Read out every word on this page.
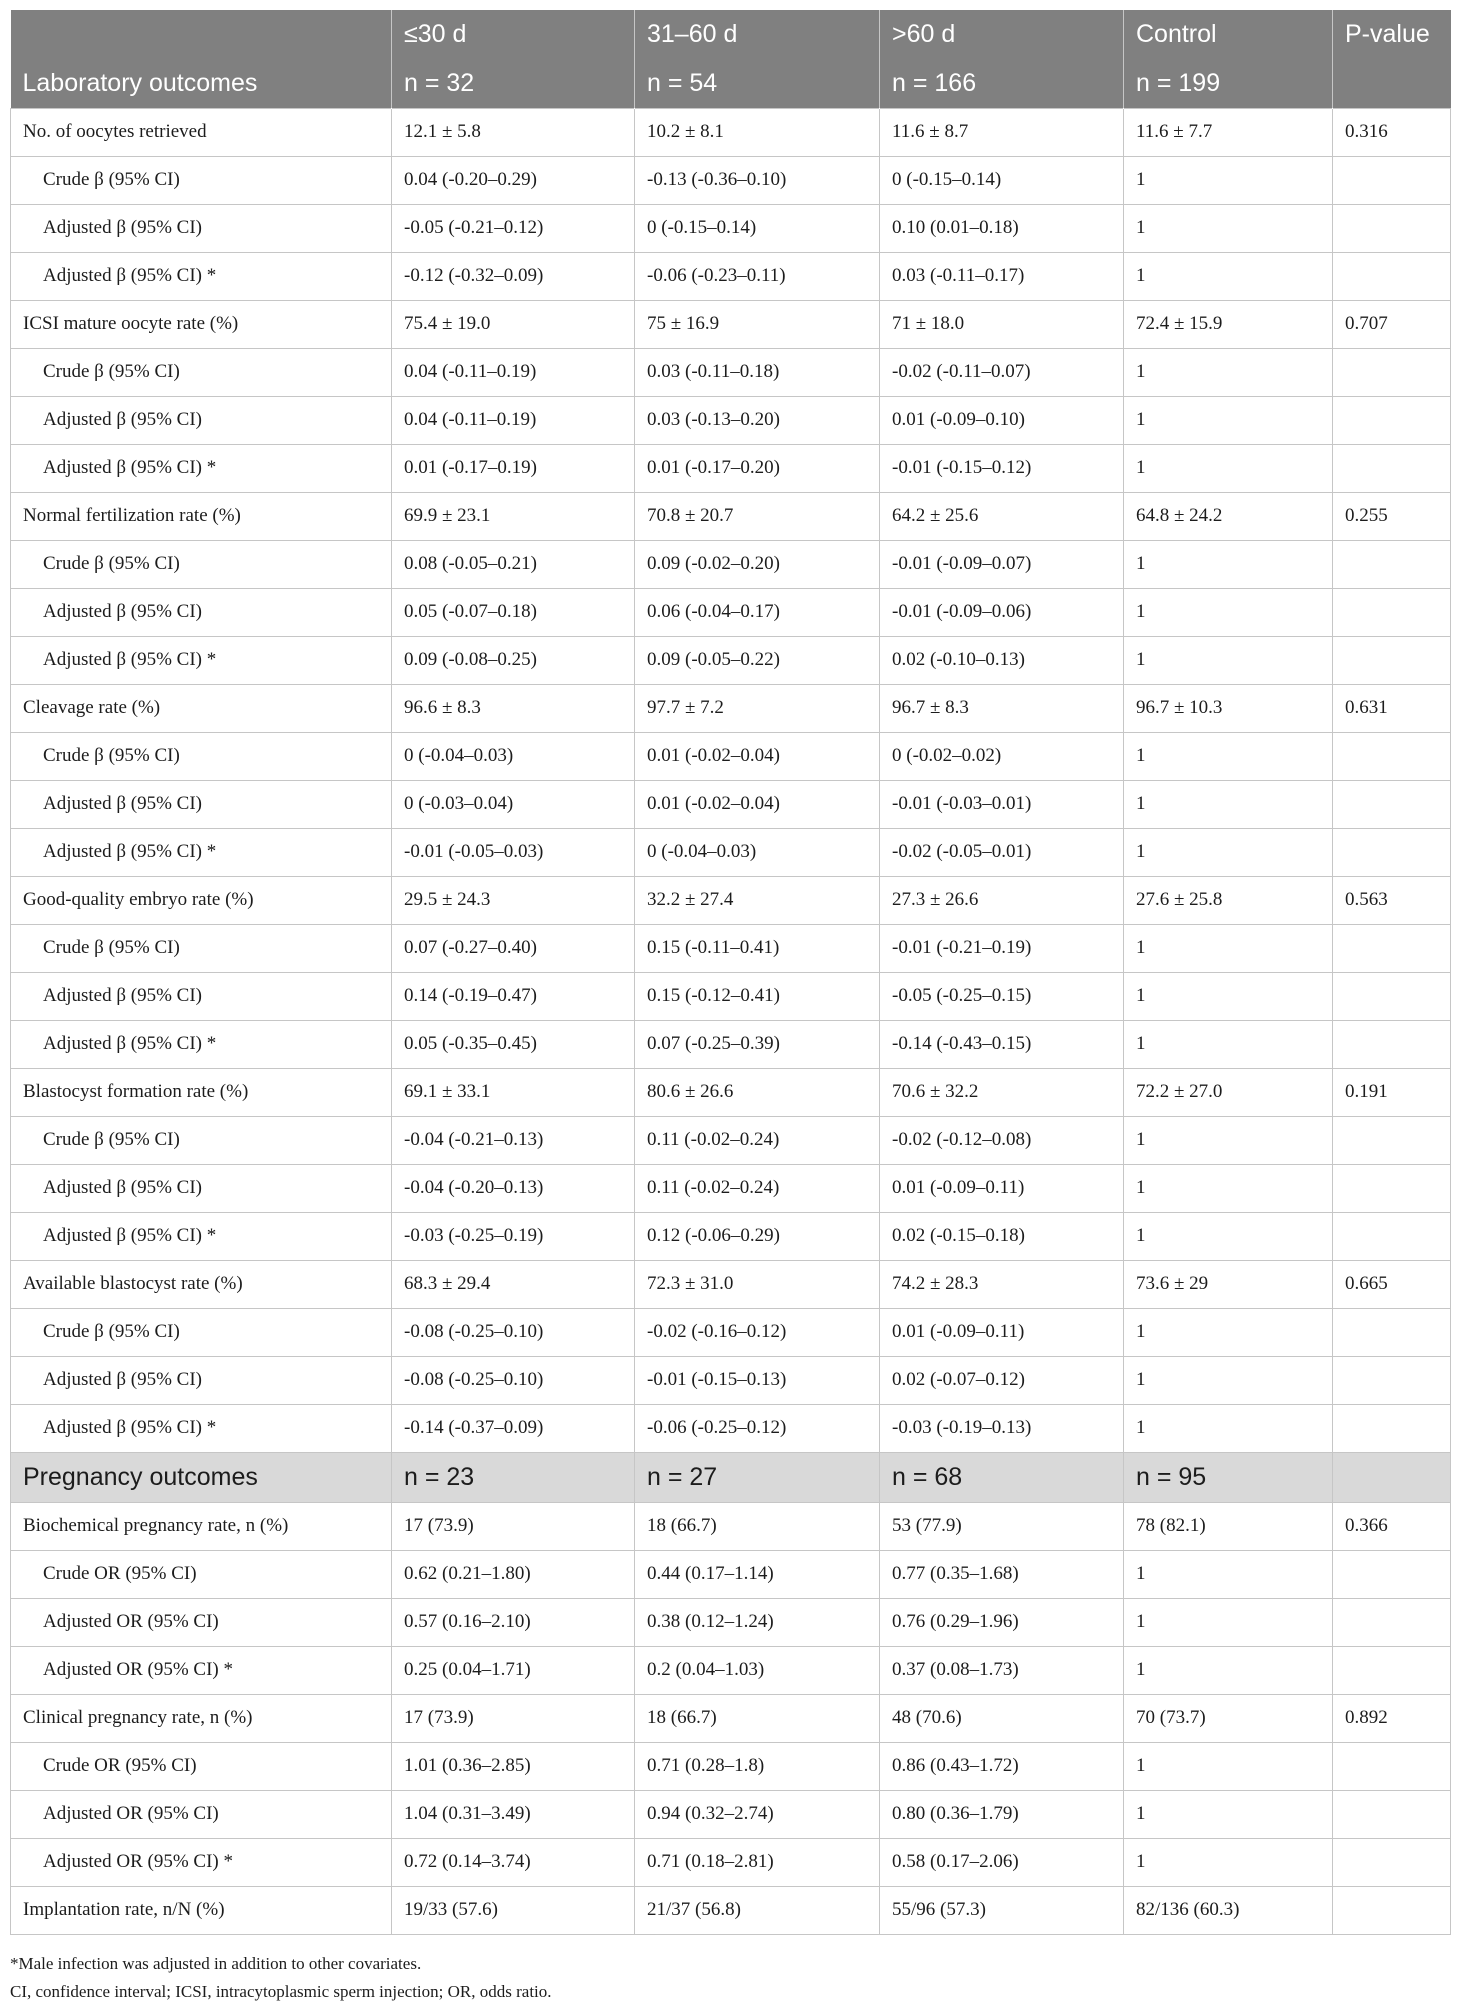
	≤30 d	31–60 d	>60 d	Control	P-value
Laboratory outcomes	n = 32	n = 54	n = 166	n = 199	
No. of oocytes retrieved	12.1 ± 5.8	10.2 ± 8.1	11.6 ± 8.7	11.6 ± 7.7	0.316
Crude β (95% CI)	0.04 (-0.20–0.29)	-0.13 (-0.36–0.10)	0 (-0.15–0.14)	1	
Adjusted β (95% CI)	-0.05 (-0.21–0.12)	0 (-0.15–0.14)	0.10 (0.01–0.18)	1	
Adjusted β (95% CI) *	-0.12 (-0.32–0.09)	-0.06 (-0.23–0.11)	0.03 (-0.11–0.17)	1	
ICSI mature oocyte rate (%)	75.4 ± 19.0	75 ± 16.9	71 ± 18.0	72.4 ± 15.9	0.707
Crude β (95% CI)	0.04 (-0.11–0.19)	0.03 (-0.11–0.18)	-0.02 (-0.11–0.07)	1	
Adjusted β (95% CI)	0.04 (-0.11–0.19)	0.03 (-0.13–0.20)	0.01 (-0.09–0.10)	1	
Adjusted β (95% CI) *	0.01 (-0.17–0.19)	0.01 (-0.17–0.20)	-0.01 (-0.15–0.12)	1	
Normal fertilization rate (%)	69.9 ± 23.1	70.8 ± 20.7	64.2 ± 25.6	64.8 ± 24.2	0.255
Crude β (95% CI)	0.08 (-0.05–0.21)	0.09 (-0.02–0.20)	-0.01 (-0.09–0.07)	1	
Adjusted β (95% CI)	0.05 (-0.07–0.18)	0.06 (-0.04–0.17)	-0.01 (-0.09–0.06)	1	
Adjusted β (95% CI) *	0.09 (-0.08–0.25)	0.09 (-0.05–0.22)	0.02 (-0.10–0.13)	1	
Cleavage rate (%)	96.6 ± 8.3	97.7 ± 7.2	96.7 ± 8.3	96.7 ± 10.3	0.631
Crude β (95% CI)	0 (-0.04–0.03)	0.01 (-0.02–0.04)	0 (-0.02–0.02)	1	
Adjusted β (95% CI)	0 (-0.03–0.04)	0.01 (-0.02–0.04)	-0.01 (-0.03–0.01)	1	
Adjusted β (95% CI) *	-0.01 (-0.05–0.03)	0 (-0.04–0.03)	-0.02 (-0.05–0.01)	1	
Good-quality embryo rate (%)	29.5 ± 24.3	32.2 ± 27.4	27.3 ± 26.6	27.6 ± 25.8	0.563
Crude β (95% CI)	0.07 (-0.27–0.40)	0.15 (-0.11–0.41)	-0.01 (-0.21–0.19)	1	
Adjusted β (95% CI)	0.14 (-0.19–0.47)	0.15 (-0.12–0.41)	-0.05 (-0.25–0.15)	1	
Adjusted β (95% CI) *	0.05 (-0.35–0.45)	0.07 (-0.25–0.39)	-0.14 (-0.43–0.15)	1	
Blastocyst formation rate (%)	69.1 ± 33.1	80.6 ± 26.6	70.6 ± 32.2	72.2 ± 27.0	0.191
Crude β (95% CI)	-0.04 (-0.21–0.13)	0.11 (-0.02–0.24)	-0.02 (-0.12–0.08)	1	
Adjusted β (95% CI)	-0.04 (-0.20–0.13)	0.11 (-0.02–0.24)	0.01 (-0.09–0.11)	1	
Adjusted β (95% CI) *	-0.03 (-0.25–0.19)	0.12 (-0.06–0.29)	0.02 (-0.15–0.18)	1	
Available blastocyst rate (%)	68.3 ± 29.4	72.3 ± 31.0	74.2 ± 28.3	73.6 ± 29	0.665
Crude β (95% CI)	-0.08 (-0.25–0.10)	-0.02 (-0.16–0.12)	0.01 (-0.09–0.11)	1	
Adjusted β (95% CI)	-0.08 (-0.25–0.10)	-0.01 (-0.15–0.13)	0.02 (-0.07–0.12)	1	
Adjusted β (95% CI) *	-0.14 (-0.37–0.09)	-0.06 (-0.25–0.12)	-0.03 (-0.19–0.13)	1	
Pregnancy outcomes	n = 23	n = 27	n = 68	n = 95	
Biochemical pregnancy rate, n (%)	17 (73.9)	18 (66.7)	53 (77.9)	78 (82.1)	0.366
Crude OR (95% CI)	0.62 (0.21–1.80)	0.44 (0.17–1.14)	0.77 (0.35–1.68)	1	
Adjusted OR (95% CI)	0.57 (0.16–2.10)	0.38 (0.12–1.24)	0.76 (0.29–1.96)	1	
Adjusted OR (95% CI) *	0.25 (0.04–1.71)	0.2 (0.04–1.03)	0.37 (0.08–1.73)	1	
Clinical pregnancy rate, n (%)	17 (73.9)	18 (66.7)	48 (70.6)	70 (73.7)	0.892
Crude OR (95% CI)	1.01 (0.36–2.85)	0.71 (0.28–1.8)	0.86 (0.43–1.72)	1	
Adjusted OR (95% CI)	1.04 (0.31–3.49)	0.94 (0.32–2.74)	0.80 (0.36–1.79)	1	
Adjusted OR (95% CI) *	0.72 (0.14–3.74)	0.71 (0.18–2.81)	0.58 (0.17–2.06)	1	
Implantation rate, n/N (%)	19/33 (57.6)	21/37 (56.8)	55/96 (57.3)	82/136 (60.3)	
*Male infection was adjusted in addition to other covariates.
CI, confidence interval; ICSI, intracytoplasmic sperm injection; OR, odds ratio.
